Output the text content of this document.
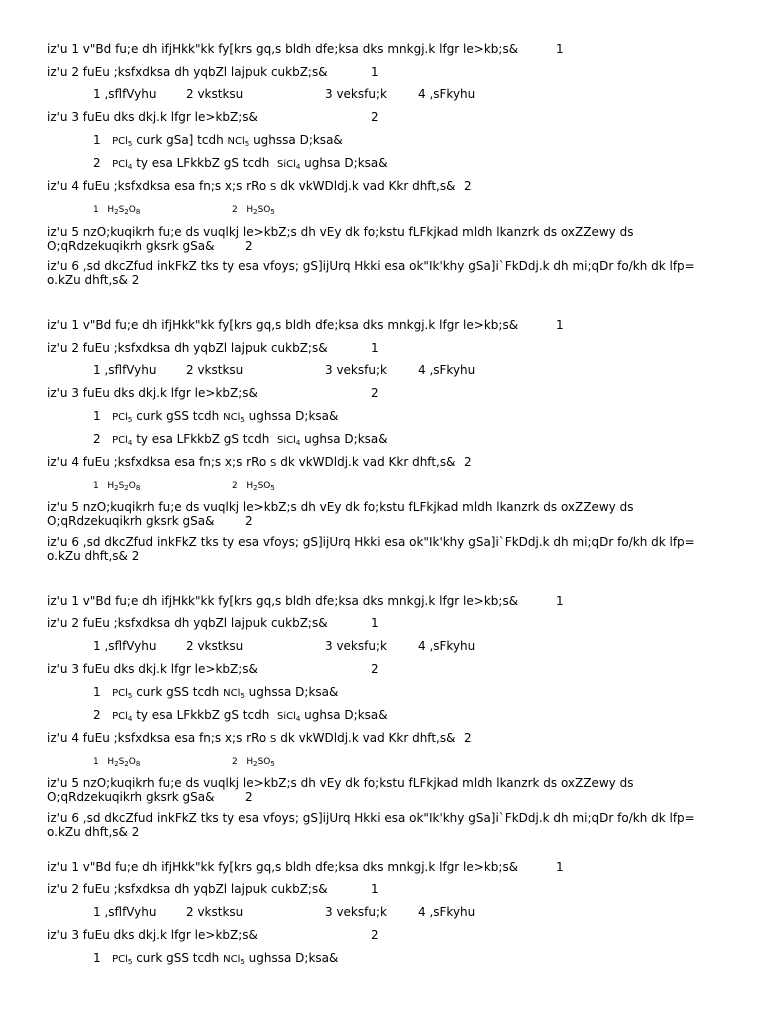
iz'u 1 v"Bd fu;e dh ifjHkk"kk fy[krs gq,s bldh dfe;ksa dks mnkgj.k lfgr le>kb;s&	1
iz'u 2 fuEu ;ksfxdksa dh yqbZl lajpuk cukbZ;s&	1
1 ,sflfVyhu 2 vkstksu	3 veksfu;k	4 ,sFkyhu
iz'u 3 fuEu dks dkj.k lfgr le>kbZ;s&	2
1 PCl$_5$ curk gSa] tcdh NCl$_5$ ughssa D;ksa&
2 PCl$_4$ ty esa LFkkbZ gS tcdh SiCl$_4$ ughsa D;ksa&
iz'u 4 fuEu ;ksfxdksa esa fn;s x;s rRo S dk vkWDldj.k vad Kkr dhft,s& 2
1 $H_2S_2O_8$	2 $H_2SO_5$
iz'u 5 nzO;kuqikrh fu;e ds vuqlkj le>kbZ;s dh vEy dk fo;kstu fLFkjkad mldh lkanzrk ds oxZZewy ds O;qRdzekuqikrh gksrk gSa&	2
iz'u 6 ,sd dkcZfud inkFkZ tks ty esa vfoys; gS]ijUrq Hkki esa ok"Ik'khy gSa]i`FkDdj.k dh mi;qDr fo/kh dk lfp= o.kZu dhft,s& 2
iz'u 1 v"Bd fu;e dh ifjHkk"kk fy[krs gq,s bldh dfe;ksa dks mnkgj.k lfgr le>kb;s&	1
iz'u 2 fuEu ;ksfxdksa dh yqbZl lajpuk cukbZ;s&	1
1 ,sflfVyhu 2 vkstksu	3 veksfu;k	4 ,sFkyhu
iz'u 3 fuEu dks dkj.k lfgr le>kbZ;s&	2
1 PCl$_5$ curk gSS tcdh NCl$_5$ ughssa D;ksa&
2 PCl$_4$ ty esa LFkkbZ gS tcdh SiCl$_4$ ughsa D;ksa&
iz'u 4 fuEu ;ksfxdksa esa fn;s x;s rRo S dk vkWDldj.k vad Kkr dhft,s& 2
1 $H_2S_2O_8$	2 $H_2SO_5$
iz'u 5 nzO;kuqikrh fu;e ds vuqlkj le>kbZ;s dh vEy dk fo;kstu fLFkjkad mldh lkanzrk ds oxZZewy ds O;qRdzekuqikrh gksrk gSa&	2
iz'u 6 ,sd dkcZfud inkFkZ tks ty esa vfoys; gS]ijUrq Hkki esa ok"Ik'khy gSa]i`FkDdj.k dh mi;qDr fo/kh dk lfp= o.kZu dhft,s& 2
iz'u 1 v"Bd fu;e dh ifjHkk"kk fy[krs gq,s bldh dfe;ksa dks mnkgj.k lfgr le>kb;s&	1
iz'u 2 fuEu ;ksfxdksa dh yqbZl lajpuk cukbZ;s&	1
1 ,sflfVyhu 2 vkstksu	3 veksfu;k	4 ,sFkyhu
iz'u 3 fuEu dks dkj.k lfgr le>kbZ;s&	2
1 PCl$_5$ curk gSS tcdh NCl$_5$ ughssa D;ksa&
2 PCl$_4$ ty esa LFkkbZ gS tcdh SiCl$_4$ ughsa D;ksa&
iz'u 4 fuEu ;ksfxdksa esa fn;s x;s rRo S dk vkWDldj.k vad Kkr dhft,s& 2
1 $H_2S_2O_8$	2 $H_2SO_5$
iz'u 5 nzO;kuqikrh fu;e ds vuqlkj le>kbZ;s dh vEy dk fo;kstu fLFkjkad mldh lkanzrk ds oxZZewy ds O;qRdzekuqikrh gksrk gSa&	2
iz'u 6 ,sd dkcZfud inkFkZ tks ty esa vfoys; gS]ijUrq Hkki esa ok"Ik'khy gSa]i`FkDdj.k dh mi;qDr fo/kh dk lfp= o.kZu dhft,s& 2
iz'u 1 v"Bd fu;e dh ifjHkk"kk fy[krs gq,s bldh dfe;ksa dks mnkgj.k lfgr le>kb;s&	1
iz'u 2 fuEu ;ksfxdksa dh yqbZl lajpuk cukbZ;s&	1
1 ,sflfVyhu 2 vkstksu	3 veksfu;k	4 ,sFkyhu
iz'u 3 fuEu dks dkj.k lfgr le>kbZ;s&	2
1 PCl$_5$ curk gSS tcdh NCl$_5$ ughssa D;ksa&
